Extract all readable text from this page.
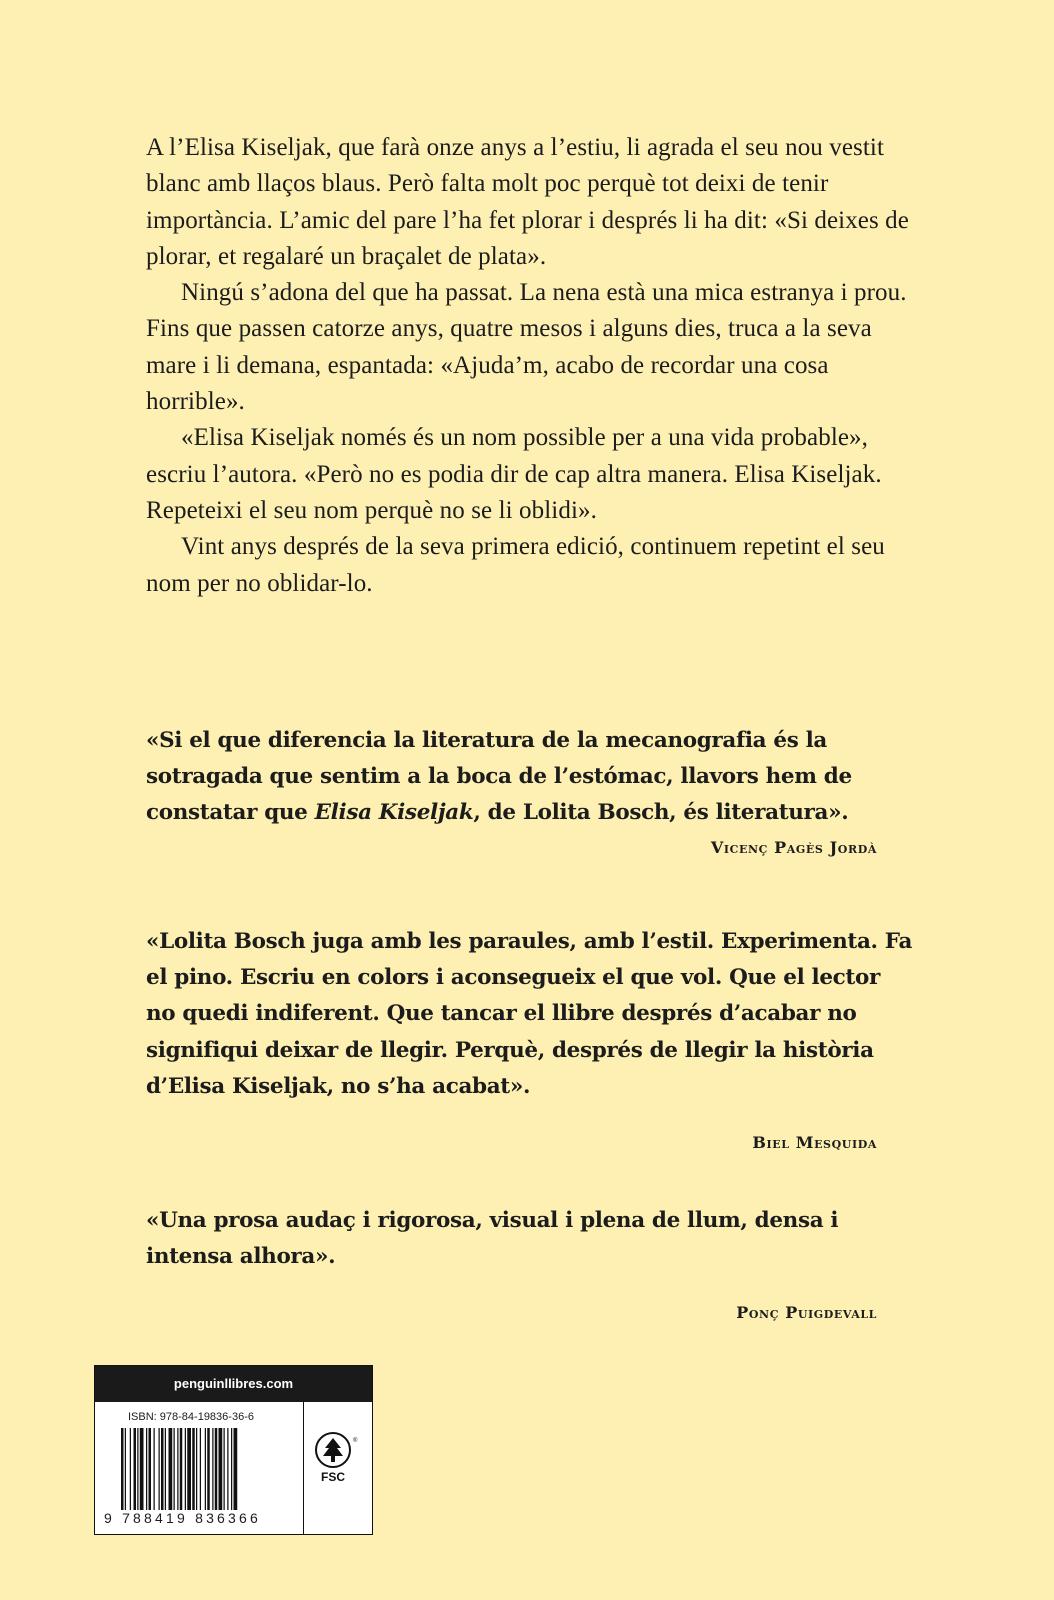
A l’Elisa Kiseljak, que farà onze anys a l’estiu, li agrada el seu nou vestit blanc amb llaços blaus. Però falta molt poc perquè tot deixi de tenir importància. L’amic del pare l’ha fet plorar i després li ha dit: «Si deixes de plorar, et regalaré un braçalet de plata».

Ningú s’adona del que ha passat. La nena està una mica estranya i prou. Fins que passen catorze anys, quatre mesos i alguns dies, truca a la seva mare i li demana, espantada: «Ajuda’m, acabo de recordar una cosa horrible».

«Elisa Kiseljak només és un nom possible per a una vida probable», escriu l’autora. «Però no es podia dir de cap altra manera. Elisa Kiseljak. Repeteixi el seu nom perquè no se li oblidi».

Vint anys després de la seva primera edició, continuem repetint el seu nom per no oblidar-lo.

«Si el que diferencia la literatura de la mecanografia és la sotragada que sentim a la boca de l’estómac, llavors hem de constatar que Elisa Kiseljak, de Lolita Bosch, és literatura».
Vicenç Pagès Jordà
«Lolita Bosch juga amb les paraules, amb l’estil. Experimenta. Fa el pino. Escriu en colors i aconsegueix el que vol. Que el lector no quedi indiferent. Que tancar el llibre després d’acabar no signifiqui deixar de llegir. Perquè, després de llegir la història d’Elisa Kiseljak, no s’ha acabat».
Biel Mesquida
«Una prosa audaç i rigorosa, visual i plena de llum, densa i intensa alhora».
Ponç Puigdevall
penguinllibres.com
ISBN: 978-84-19836-36-6
9 788419 836366
FSC
®
